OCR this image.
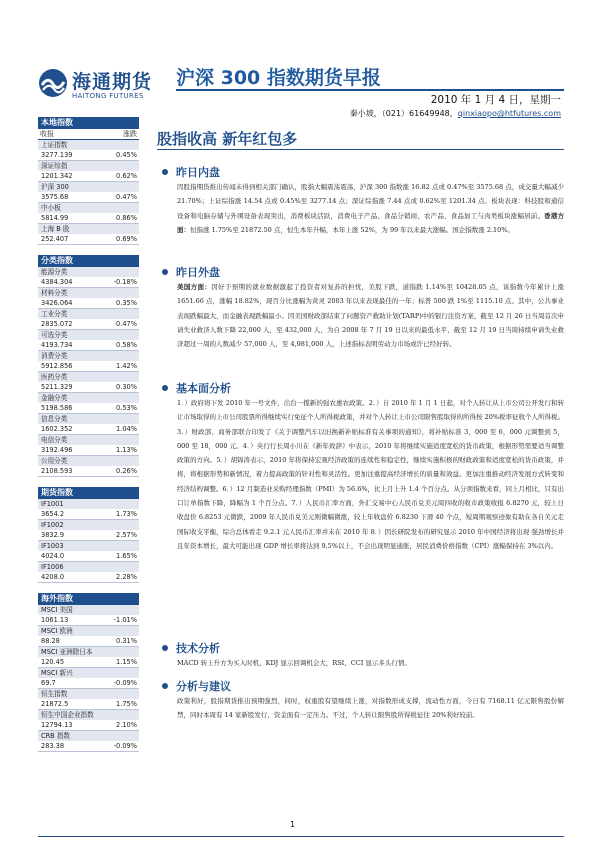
海通期货
HAITONG FUTURES
沪深 300 指数期货早报
2010 年 1 月 4 日，星期一
秦小坡，（021）61649948，qinxiaopo@htfutures.com
本地指数
收报	涨跌
上证指数
3277.139	0.45%
深证综指
1201.342	0.62%
沪深 300
3575.68	0.47%
中小板
5814.99	0.86%
上海 B 股
252.407	0.69%
分类指数
能源分类
4384.304	-0.18%
材料分类
3426.064	0.35%
工业分类
2835.072	0.47%
可选分类
4193.734	0.58%
消费分类
5912.856	1.42%
医药分类
5211.329	0.30%
金融分类
5198.586	0.53%
信息分类
1602.352	1.04%
电信分类
3192.496	1.13%
公用分类
2108.593	0.26%
期货指数
IF1001
3654.2	1.73%
IF1002
3832.9	2.57%
IF1003
4024.0	1.65%
IF1006
4208.0	2.28%
海外指数
MSCI 美国
1061.13	-1.01%
MSCI 欧洲
88.28	0.31%
MSCI 亚洲除日本
120.45	1.15%
MSCI 新兴
69.7	-0.09%
恒生指数
21872.5	1.75%
恒生中国企业指数
12794.13	2.10%
CRB 指数
283.38	-0.09%
股指收高 新年红包多
昨日内盘
因股指期货推出传闻未得到相关部门确认，股指大幅震荡震荡，沪深 300 指数涨 16.82 点或 0.47%至 3575.68 点，成交量大幅减少 21.70%；上证综指涨 14.54 点或 0.45%至 3277.14 点；深证综指涨 7.44 点或 0.62%至 1201.34 点。板块表现：科技股和通信设备和电脑存储与外围设备表现突出，消费板块活跃，消费电子产品、食品分销商、农产品、食品加工与肉类板块涨幅居前。香港方面：恒指涨 1.75%至 21872.50 点，恒生本年升幅，本年上涨 52%，为 99 年以来最大涨幅。国企指数涨 2.10%。
昨日外盘
美国方面：因好于预期的就业数据激起了投资者对复苏的担忧，美股下跌，道指跌 1.14%至 10428.05 点，该指数今年累计上涨 1651.66 点，涨幅 18.82%，现百分比涨幅为黄灵 2003 年以来表现最佳的一年；标普 500 跌 1%至 1115.10 点。其中，公共事业表现跌幅最大，而金融表现跌幅最小。因美国财政部结束了问题资产救助计划(TARP)中的银行注资方案，截至 12 月 26 日当周首次申请失业救济人数下降 22,000 人，至 432,000 人，为自 2008 年 7 月 19 日以来的最低水平，截至 12 月 19 日当周持续申请失业救济超过一周的人数减少 57,000 人，至 4,981,000 人，上述指标表明劳动力市场或许已经好转。
基本面分析
1．）政府将下发 2010 年一号文件，出台一揽新的强农惠农政策。2．）自 2010 年 1 月 1 日起，对个人转让从上市公司公开发行和转让市场取得的上市公司股票所得继续实行免征个人所得税政策，并对个人转让上市公司限售股取得的所得按 20%税率征收个人所得税。3．）财政部、商务部联合印发了《关于调整汽车以旧换新补贴标准有关事项的通知》，将补贴标准 3，000 至 6，000 元调整到 5，000 至 18，000 元。4．）央行行长周小川在《新年致辞》中表示，2010 年将继续实施适度宽松的货币政策，根据形势需要适当调整政策的方向。5．）胡锦涛表示，2010 年将保持宏观经济政策的连续性和稳定性，继续实施积极的财政政策和适度宽松的货币政策，并将，将根据形势和新情况，着力提高政策的针对性和灵活性。更加注重提高经济增长的质量和效益。更加注重推动经济发展方式转变和经济结构调整。6．）12 月制造业采购经理指数（PMI）为 56.6%，比上月上升 1.4 个百分点。从分项指数来看，同上月相比，只有出口订单指数下降，降幅为 1 个百分点。7．）人民币汇率方面，外汇交易中心人民币兑美元周四收的收市政策收报 6.8270 元，较上日收盘价 6.8253 元微跌，2009 年人民币兑美元则微幅微涨，较上年收盘价 6.8230 下滑 40 个点，短周期观察迹象有助在各自美元走 国际收支平衡，综合总体看走 9.2.1 元人民币汇率并未在 2010 年 8．）因长研院发布的研究显示 2010 年中国经济将出现 强劲增长并且年资本增长，最大可能出现 GDP 增长率将达到 9.5%以上，不会出现明显通胀，居民消费价格指数（CPI）涨幅保持在 3%以内。
技术分析
MACD 转上升方为买入时机，KDJ 显示回调机会大，RSI、CCI 显示多头行情。
分析与建议
政策利好，股指期货推出预期强烈，同时，权重股有望继续上涨，对指数形成支撑，流动性方面，今日有 7168.11 亿元限售股份解禁，同时本周有 14 家新股发行，资金面有一定压力。不过，个人转让限售股所得税征往 20%利好较前。
1
